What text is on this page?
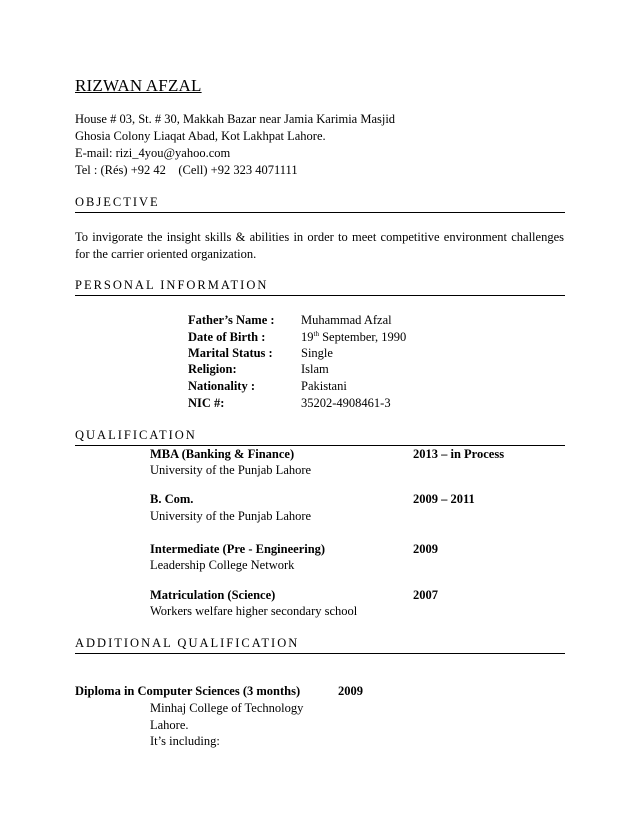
RIZWAN AFZAL
House # 03, St. # 30, Makkah Bazar near Jamia Karimia Masjid
Ghosia Colony Liaqat Abad, Kot Lakhpat Lahore.
E-mail: rizi_4you@yahoo.com
Tel : (Rés) +92 42    (Cell) +92 323 4071111
OBJECTIVE
To invigorate the insight skills & abilities in order to meet competitive environment challenges for the carrier oriented organization.
PERSONAL INFORMATION
Father’s Name : Muhammad Afzal
Date of Birth :	19th September, 1990
Marital Status : Single
Religion:	Islam
Nationality :	Pakistani
NIC #:	35202-4908461-3
QUALIFICATION
MBA (Banking & Finance)	2013 – in Process
University of the Punjab Lahore
B. Com.	2009 – 2011
University of the Punjab Lahore
Intermediate (Pre - Engineering)	2009
Leadership College Network
Matriculation (Science)	2007
Workers welfare higher secondary school
ADDITIONAL QUALIFICATION
Diploma in Computer Sciences (3 months)	2009
Minhaj College of Technology
Lahore.
It’s including:
